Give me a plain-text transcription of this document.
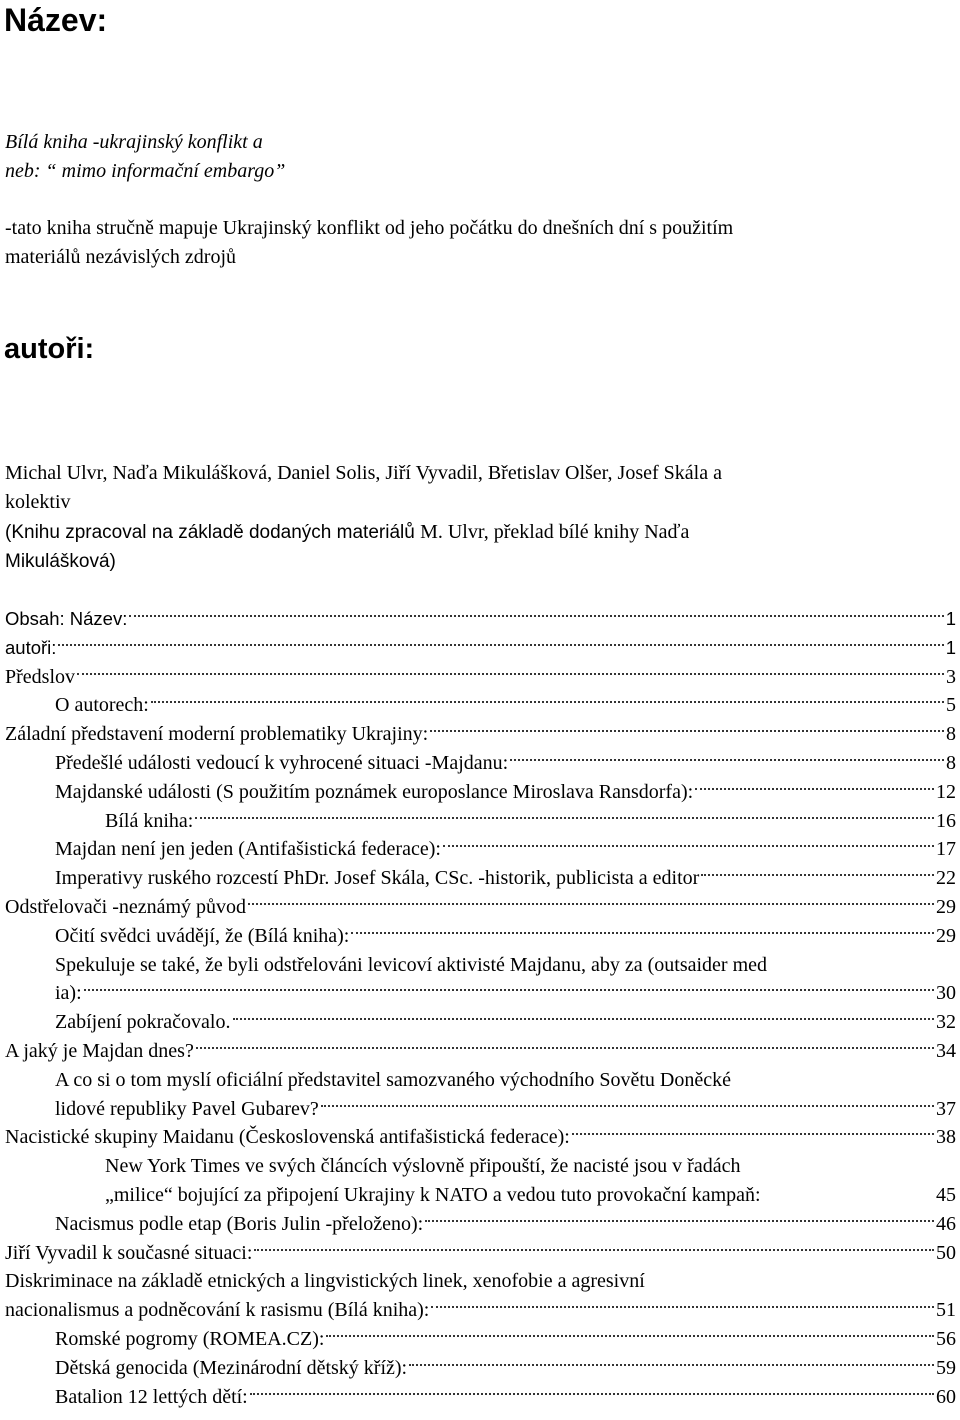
Název:
Bílá kniha -ukrajinský konflikt a
neb: “ mimo informační embargo”
-tato kniha stručně mapuje Ukrajinský konflikt od jeho počátku do dnešních dní s použitím
materiálů nezávislých zdrojů
autoři:
Michal Ulvr, Naďa Mikulášková, Daniel Solis, Jiří Vyvadil, Břetislav Olšer, Josef Skála a
kolektiv
(Knihu zpracoval na základě dodaných materiálů M. Ulvr, překlad bílé knihy Naďa
Mikulášková)
Obsah: Název:	1
autoři:	1
Předslov	3
O autorech:	5
Záladní představení moderní problematiky Ukrajiny:	8
Předešlé události vedoucí k vyhrocené situaci -Majdanu:	8
Majdanské události (S použitím poznámek europoslance Miroslava Ransdorfa):	12
Bílá kniha:	16
Majdan není jen jeden (Antifašistická federace):	17
Imperativy ruského rozcestí PhDr. Josef Skála, CSc. -historik, publicista a editor	22
Odstřelovači -neznámý původ	29
Očití svědci uvádějí, že (Bílá kniha):	29
Spekuluje se také, že byli odstřelováni levicoví aktivisté Majdanu, aby za (outsaider med
ia):	30
Zabíjení pokračovalo.	32
A jaký je Majdan dnes?	34
A co si o tom myslí oficiální představitel samozvaného východního Sovětu Doněcké
lidové republiky Pavel Gubarev?	37
Nacistické skupiny Maidanu (Československá antifašistická federace):	38
New York Times ve svých článcích výslovně připouští, že nacisté jsou v řadách
„milice“ bojující za připojení Ukrajiny k NATO a vedou tuto provokační kampaň:	45
Nacismus podle etap (Boris Julin -přeloženo):	46
Jiří Vyvadil k současné situaci:	50
Diskriminace na základě etnických a lingvistických linek, xenofobie a agresivní
nacionalismus a podněcování k rasismu (Bílá kniha):	51
Romské pogromy (ROMEA.CZ):	56
Dětská genocida (Mezinárodní dětský kříž):	59
Batalion 12 lettých dětí:	60
